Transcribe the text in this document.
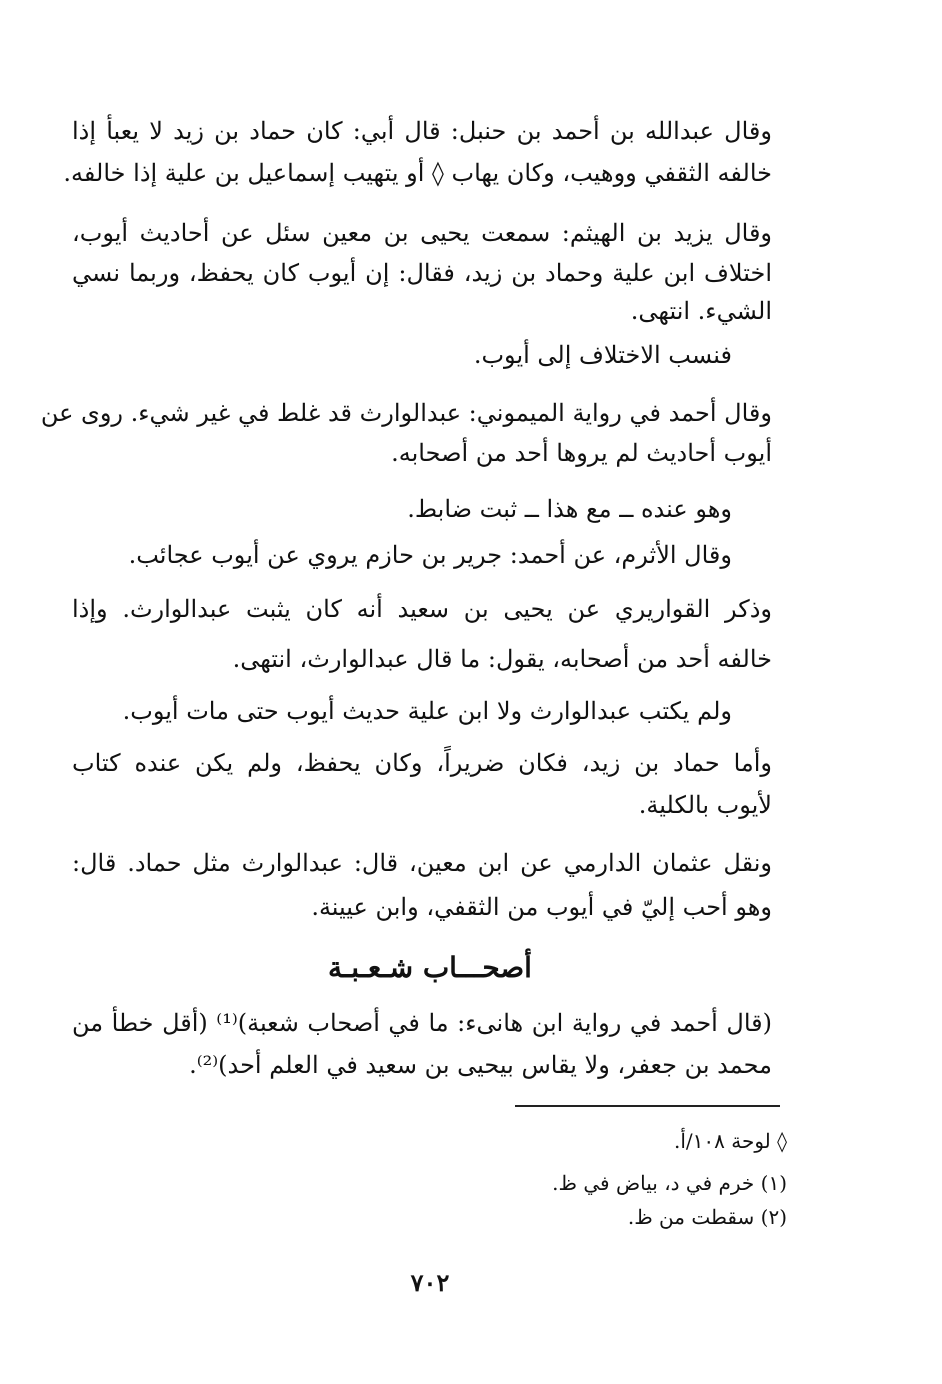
وقال عبدالله بن أحمد بن حنبل: قال أبي: كان حماد بن زيد لا يعبأ إذا
خالفه الثقفي ووهيب، وكان يهاب ◊ أو يتهيب إسماعيل بن علية إذا خالفه.
وقال يزيد بن الهيثم: سمعت يحيى بن معين سئل عن أحاديث أيوب،
اختلاف ابن علية وحماد بن زيد، فقال: إن أيوب كان يحفظ، وربما نسي
الشيء. انتهى.
فنسب الاختلاف إلى أيوب.
وقال أحمد في رواية الميموني: عبدالوارث قد غلط في غير شيء. روى عن
أيوب أحاديث لم يروها أحد من أصحابه.
وهو عنده ــ مع هذا ــ ثبت ضابط.
وقال الأثرم، عن أحمد: جرير بن حازم يروي عن أيوب عجائب.
وذكر القواريري عن يحيى بن سعيد أنه كان يثبت عبدالوارث. وإذا
خالفه أحد من أصحابه، يقول: ما قال عبدالوارث، انتهى.
ولم يكتب عبدالوارث ولا ابن علية حديث أيوب حتى مات أيوب.
وأما حماد بن زيد، فكان ضريراً، وكان يحفظ، ولم يكن عنده كتاب
لأيوب بالكلية.
ونقل عثمان الدارمي عن ابن معين، قال: عبدالوارث مثل حماد. قال:
وهو أحب إليّ في أيوب من الثقفي، وابن عيينة.
أصحـــاب شـعـبـة
(قال أحمد في رواية ابن هانىء: ما في أصحاب شعبة)⁽¹⁾ (أقل خطأ من
محمد بن جعفر، ولا يقاس بيحيى بن سعيد في العلم أحد)⁽²⁾.
◊ لوحة ١٠٨/أ.
(١) خرم في د، بياض في ظ.
(٢) سقطت من ظ.
٧٠٢
